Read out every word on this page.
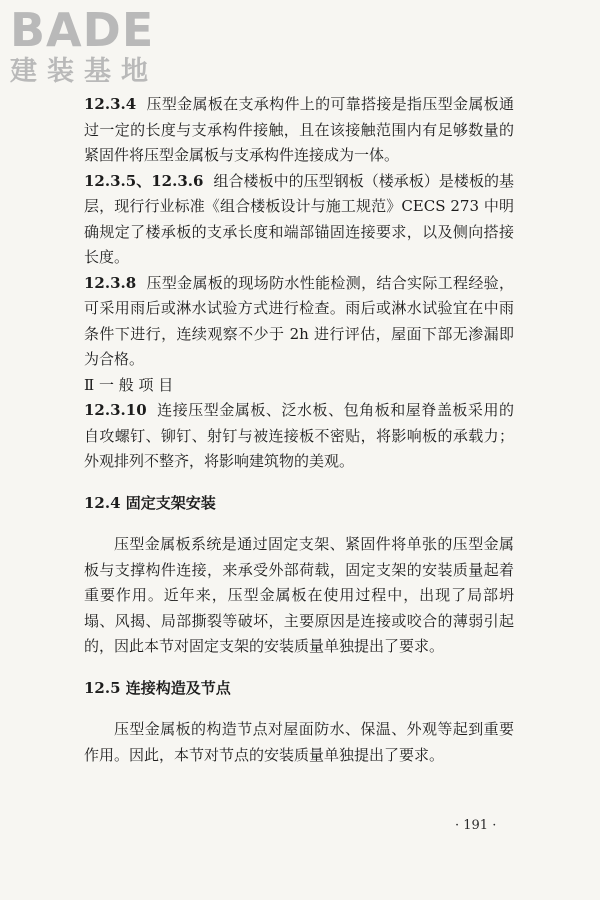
BADE
建装基地

12.3.4 压型金属板在支承构件上的可靠搭接是指压型金属板通过一定的长度与支承构件接触，且在该接触范围内有足够数量的紧固件将压型金属板与支承构件连接成为一体。

12.3.5、12.3.6 组合楼板中的压型钢板（楼承板）是楼板的基层，现行行业标准《组合楼板设计与施工规范》CECS 273 中明确规定了楼承板的支承长度和端部锚固连接要求，以及侧向搭接长度。

12.3.8 压型金属板的现场防水性能检测，结合实际工程经验，可采用雨后或淋水试验方式进行检查。雨后或淋水试验宜在中雨条件下进行，连续观察不少于 2h 进行评估，屋面下部无渗漏即为合格。

Ⅱ 一 般 项 目

12.3.10 连接压型金属板、泛水板、包角板和屋脊盖板采用的自攻螺钉、铆钉、射钉与被连接板不密贴，将影响板的承载力；外观排列不整齐，将影响建筑物的美观。

12.4 固定支架安装

压型金属板系统是通过固定支架、紧固件将单张的压型金属板与支撑构件连接，来承受外部荷载，固定支架的安装质量起着重要作用。近年来，压型金属板在使用过程中，出现了局部坍塌、风揭、局部撕裂等破坏，主要原因是连接或咬合的薄弱引起的，因此本节对固定支架的安装质量单独提出了要求。

12.5 连接构造及节点

压型金属板的构造节点对屋面防水、保温、外观等起到重要作用。因此，本节对节点的安装质量单独提出了要求。

· 191 ·
